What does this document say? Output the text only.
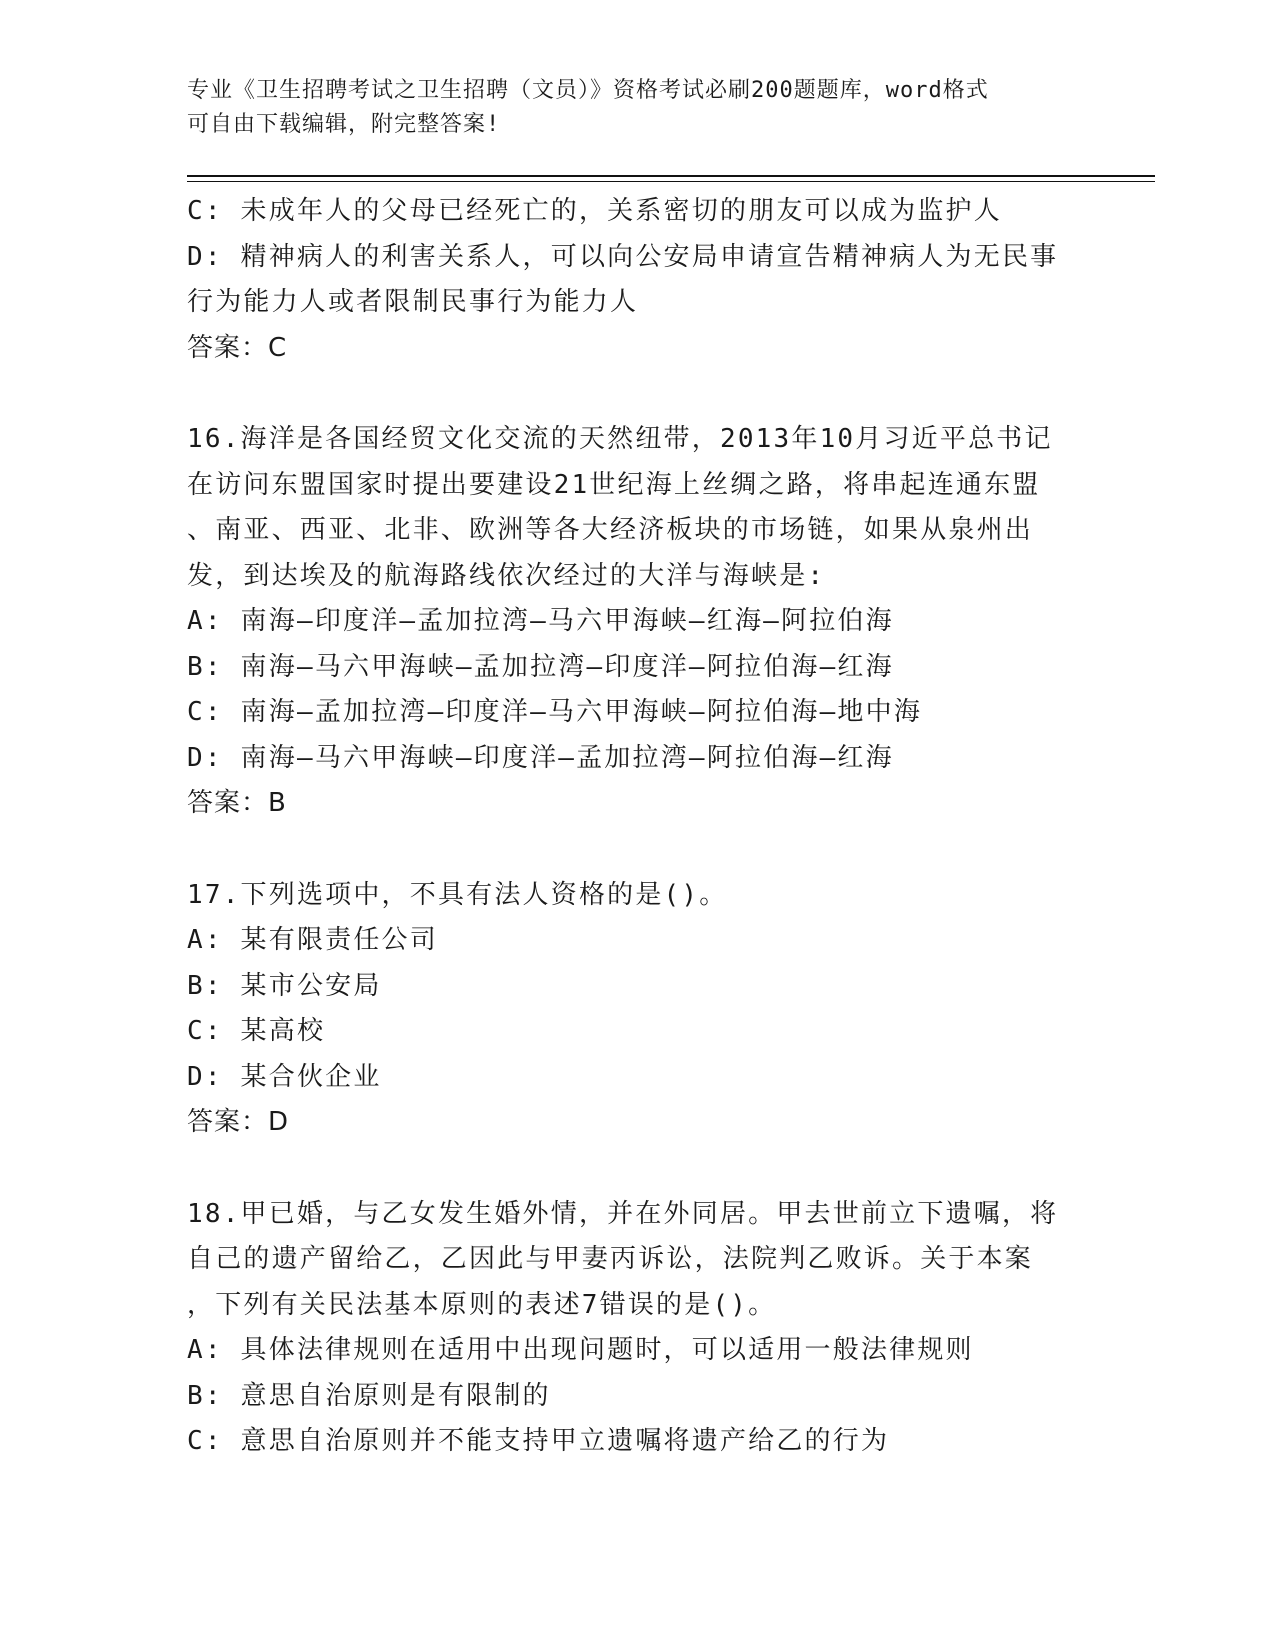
专业《卫生招聘考试之卫生招聘（文员）》资格考试必刷200题题库，word格式
可自由下载编辑，附完整答案!
C: 未成年人的父母已经死亡的，关系密切的朋友可以成为监护人
D: 精神病人的利害关系人，可以向公安局申请宣告精神病人为无民事
行为能力人或者限制民事行为能力人
答案：C
16.海洋是各国经贸文化交流的天然纽带，2013年10月习近平总书记
在访问东盟国家时提出要建设21世纪海上丝绸之路，将串起连通东盟
、南亚、西亚、北非、欧洲等各大经济板块的市场链，如果从泉州出
发，到达埃及的航海路线依次经过的大洋与海峡是:
A: 南海—印度洋—孟加拉湾—马六甲海峡—红海—阿拉伯海
B: 南海—马六甲海峡—孟加拉湾—印度洋—阿拉伯海—红海
C: 南海—孟加拉湾—印度洋—马六甲海峡—阿拉伯海—地中海
D: 南海—马六甲海峡—印度洋—孟加拉湾—阿拉伯海—红海
答案：B
17.下列选项中，不具有法人资格的是()。
A: 某有限责任公司
B: 某市公安局
C: 某高校
D: 某合伙企业
答案：D
18.甲已婚，与乙女发生婚外情，并在外同居。甲去世前立下遗嘱，将
自己的遗产留给乙，乙因此与甲妻丙诉讼，法院判乙败诉。关于本案
，下列有关民法基本原则的表述7错误的是()。
A: 具体法律规则在适用中出现问题时，可以适用一般法律规则
B: 意思自治原则是有限制的
C: 意思自治原则并不能支持甲立遗嘱将遗产给乙的行为
